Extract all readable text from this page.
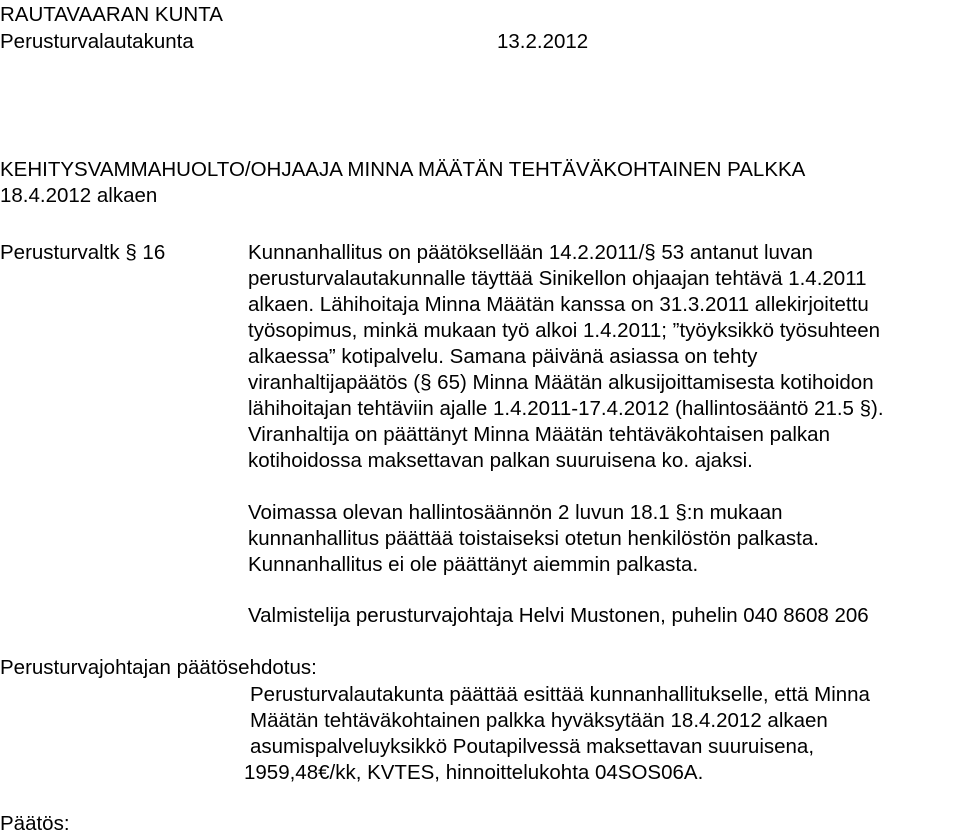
RAUTAVAARAN KUNTA
Perusturvalautakunta	13.2.2012
KEHITYSVAMMAHUOLTO/OHJAAJA MINNA MÄÄTÄN TEHTÄVÄKOHTAINEN PALKKA
18.4.2012 alkaen
Perusturvaltk § 16	Kunnanhallitus on päätöksellään 14.2.2011/§ 53 antanut luvan
perusturvalautakunnalle täyttää Sinikellon ohjaajan tehtävä 1.4.2011
alkaen. Lähihoitaja Minna Määtän kanssa on 31.3.2011 allekirjoitettu
työsopimus, minkä mukaan työ alkoi 1.4.2011; ”työyksikkö työsuhteen
alkaessa” kotipalvelu. Samana päivänä asiassa on tehty
viranhaltijapäätös (§ 65) Minna Määtän alkusijoittamisesta kotihoidon
lähihoitajan tehtäviin ajalle 1.4.2011-17.4.2012 (hallintosääntö 21.5 §).
Viranhaltija on päättänyt Minna Määtän tehtäväkohtaisen palkan
kotihoidossa maksettavan palkan suuruisena ko. ajaksi.
Voimassa olevan hallintosäännön 2 luvun 18.1 §:n mukaan
kunnanhallitus päättää toistaiseksi otetun henkilöstön palkasta.
Kunnanhallitus ei ole päättänyt aiemmin palkasta.
Valmistelija perusturvajohtaja Helvi Mustonen, puhelin 040 8608 206
Perusturvajohtajan päätösehdotus:
Perusturvalautakunta päättää esittää kunnanhallitukselle, että Minna
Määtän tehtäväkohtainen palkka hyväksytään 18.4.2012 alkaen
asumispalveluyksikkö Poutapilvessä maksettavan suuruisena,
1959,48€/kk, KVTES, hinnoittelukohta 04SOS06A.
Päätös:
